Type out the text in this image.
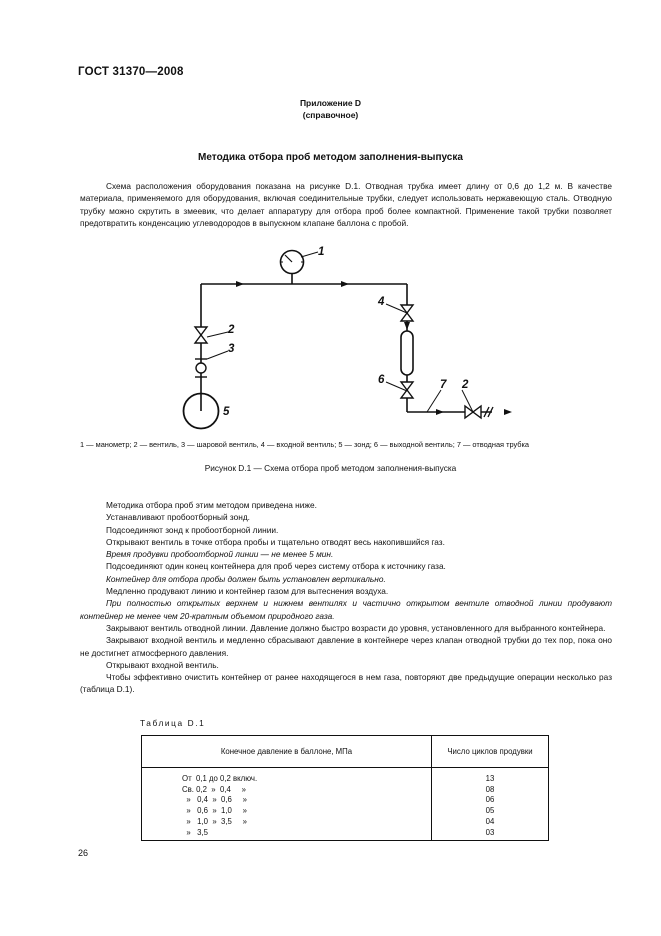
ГОСТ 31370—2008
Приложение D
(справочное)
Методика отбора проб методом заполнения-выпуска
Схема расположения оборудования показана на рисунке D.1. Отводная трубка имеет длину от 0,6 до 1,2 м. В качестве материала, применяемого для оборудования, включая соединительные трубки, следует использовать нержавеющую сталь. Отводную трубку можно скрутить в змеевик, что делает аппаратуру для отбора проб более компактной. Применение такой трубки позволяет предотвратить конденсацию углеводородов в выпускном клапане баллона с пробой.
1
2
3
4
5
6	7 2
1 — манометр; 2 — вентиль, 3 — шаровой вентиль, 4 — входной вентиль; 5 — зонд; 6 — выходной вентиль; 7 — отводная трубка
Рисунок D.1 — Схема отбора проб методом заполнения-выпуска
Методика отбора проб этим методом приведена ниже.
Устанавливают пробоотборный зонд.
Подсоединяют зонд к пробоотборной линии.
Открывают вентиль в точке отбора пробы и тщательно отводят весь накопившийся газ.
Время продувки пробоотборной линии — не менее 5 мин.
Подсоединяют один конец контейнера для проб через систему отбора к источнику газа.
Контейнер для отбора пробы должен быть установлен вертикально.
Медленно продувают линию и контейнер газом для вытеснения воздуха.
При полностью открытых верхнем и нижнем вентилях и частично открытом вентиле отводной линии продувают контейнер не менее чем 20-кратным объемом природного газа.
Закрывают вентиль отводной линии. Давление должно быстро возрасти до уровня, установленного для выбранного контейнера.
Закрывают входной вентиль и медленно сбрасывают давление в контейнере через клапан отводной трубки до тех пор, пока оно не достигнет атмосферного давления.
Открывают входной вентиль.
Чтобы эффективно очистить контейнер от ранее находящегося в нем газа, повторяют две предыдущие операции несколько раз (таблица D.1).
Таблица D.1
Конечное давление в баллоне, МПа	Число циклов продувки
От  0,1 до 0,2 включ.	13
Св. 0,2  »  0,4     »	08
»   0,4  »  0,6     »	06
»   0,6  »  1,0     »	05
»   1,0  »  3,5     »	04
»   3,5	03
26
